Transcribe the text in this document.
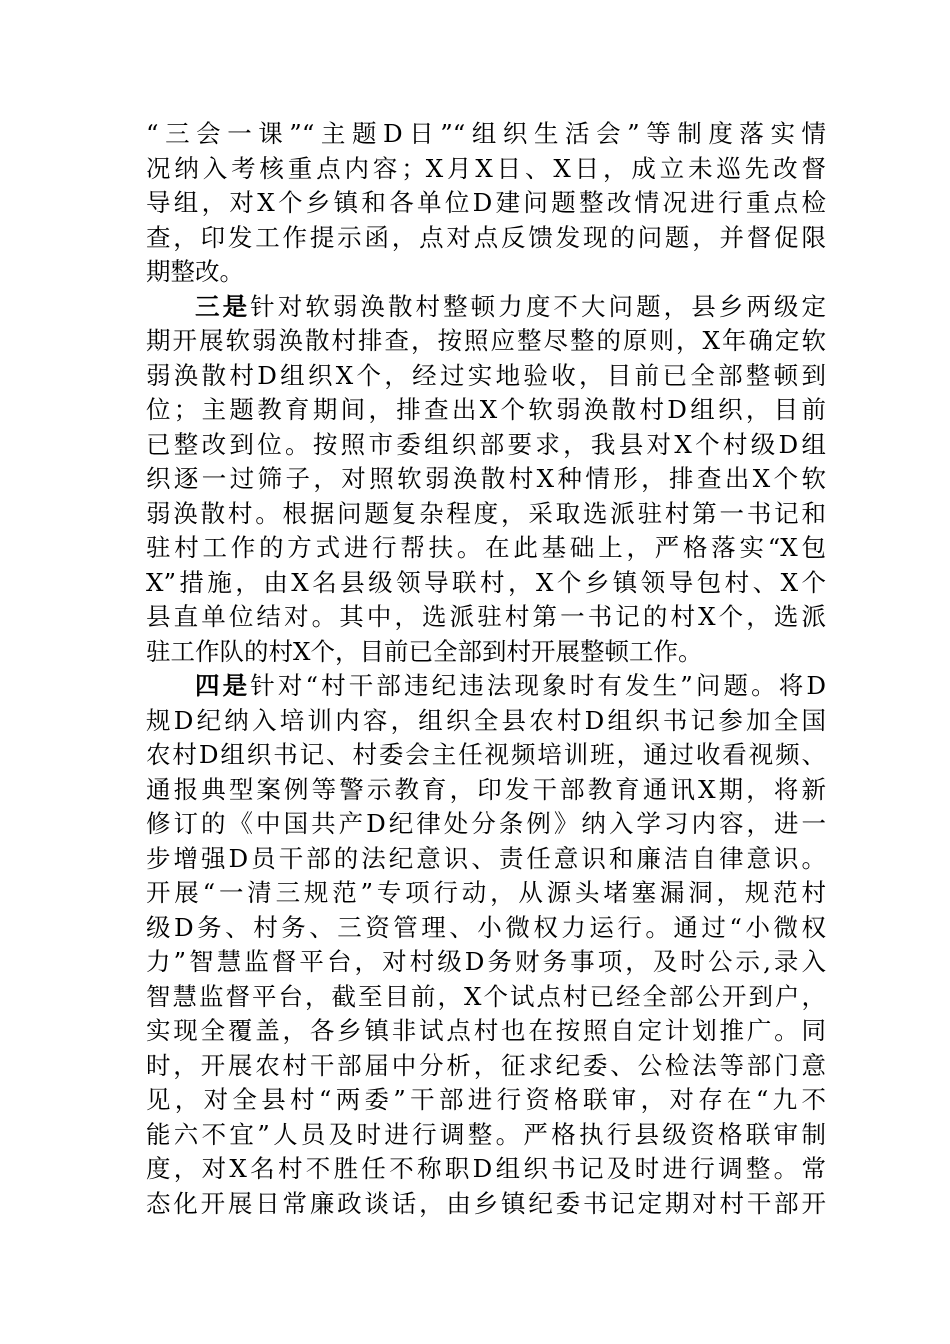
“三会一课”“主题D日”“组织生活会”等制度落实情
况纳入考核重点内容；X月X日、X日，成立未巡先改督
导组，对X个乡镇和各单位D建问题整改情况进行重点检
查，印发工作提示函，点对点反馈发现的问题，并督促限
期整改。
三是针对软弱涣散村整顿力度不大问题，县乡两级定
期开展软弱涣散村排查，按照应整尽整的原则，X年确定软
弱涣散村D组织X个，经过实地验收，目前已全部整顿到
位；主题教育期间，排查出X个软弱涣散村D组织，目前
已整改到位。按照市委组织部要求，我县对X个村级D组
织逐一过筛子，对照软弱涣散村X种情形，排查出X个软
弱涣散村。根据问题复杂程度，采取选派驻村第一书记和
驻村工作的方式进行帮扶。在此基础上，严格落实“X包
X”措施，由X名县级领导联村，X个乡镇领导包村、X个
县直单位结对。其中，选派驻村第一书记的村X个，选派
驻工作队的村X个，目前已全部到村开展整顿工作。
四是针对“村干部违纪违法现象时有发生”问题。将D
规D纪纳入培训内容，组织全县农村D组织书记参加全国
农村D组织书记、村委会主任视频培训班，通过收看视频、
通报典型案例等警示教育，印发干部教育通讯X期，将新
修订的《中国共产D纪律处分条例》纳入学习内容，进一
步增强D员干部的法纪意识、责任意识和廉洁自律意识。
开展“一清三规范”专项行动，从源头堵塞漏洞，规范村
级D务、村务、三资管理、小微权力运行。通过“小微权
力”智慧监督平台，对村级D务财务事项，及时公示,录入
智慧监督平台，截至目前，X个试点村已经全部公开到户，
实现全覆盖，各乡镇非试点村也在按照自定计划推广。同
时，开展农村干部届中分析，征求纪委、公检法等部门意
见，对全县村“两委”干部进行资格联审，对存在“九不
能六不宜”人员及时进行调整。严格执行县级资格联审制
度，对X名村不胜任不称职D组织书记及时进行调整。常
态化开展日常廉政谈话，由乡镇纪委书记定期对村干部开
